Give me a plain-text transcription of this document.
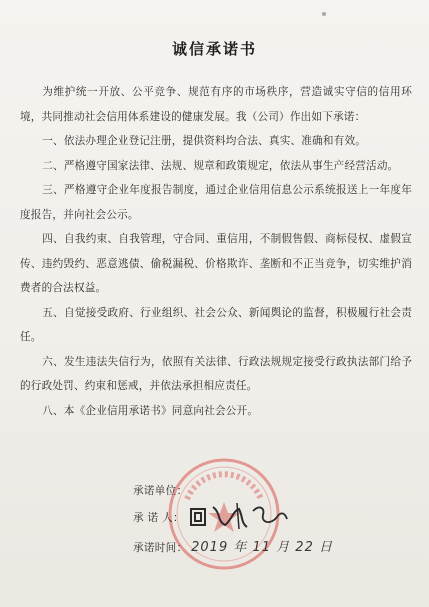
诚信承诺书

为维护统一开放、公平竞争、规范有序的市场秩序，营造诚实守信的信用环境，共同推动社会信用体系建设的健康发展。我（公司）作出如下承诺：

一、依法办理企业登记注册，提供资料均合法、真实、准确和有效。

二、严格遵守国家法律、法规、规章和政策规定，依法从事生产经营活动。

三、严格遵守企业年度报告制度，通过企业信用信息公示系统报送上一年度年度报告，并向社会公示。

四、自我约束、自我管理，守合同、重信用，不制假售假、商标侵权、虚假宣传、违约毁约、恶意逃债、偷税漏税、价格欺诈、垄断和不正当竞争，切实维护消费者的合法权益。

五、自觉接受政府、行业组织、社会公众、新闻舆论的监督，积极履行社会责任。

六、发生违法失信行为，依照有关法律、行政法规规定接受行政执法部门给予的行政处罚、约束和惩戒，并依法承担相应责任。

八、本《企业信用承诺书》同意向社会公开。

承诺单位：
承 诺 人：
承诺时间： 2019 年 11 月 22 日
